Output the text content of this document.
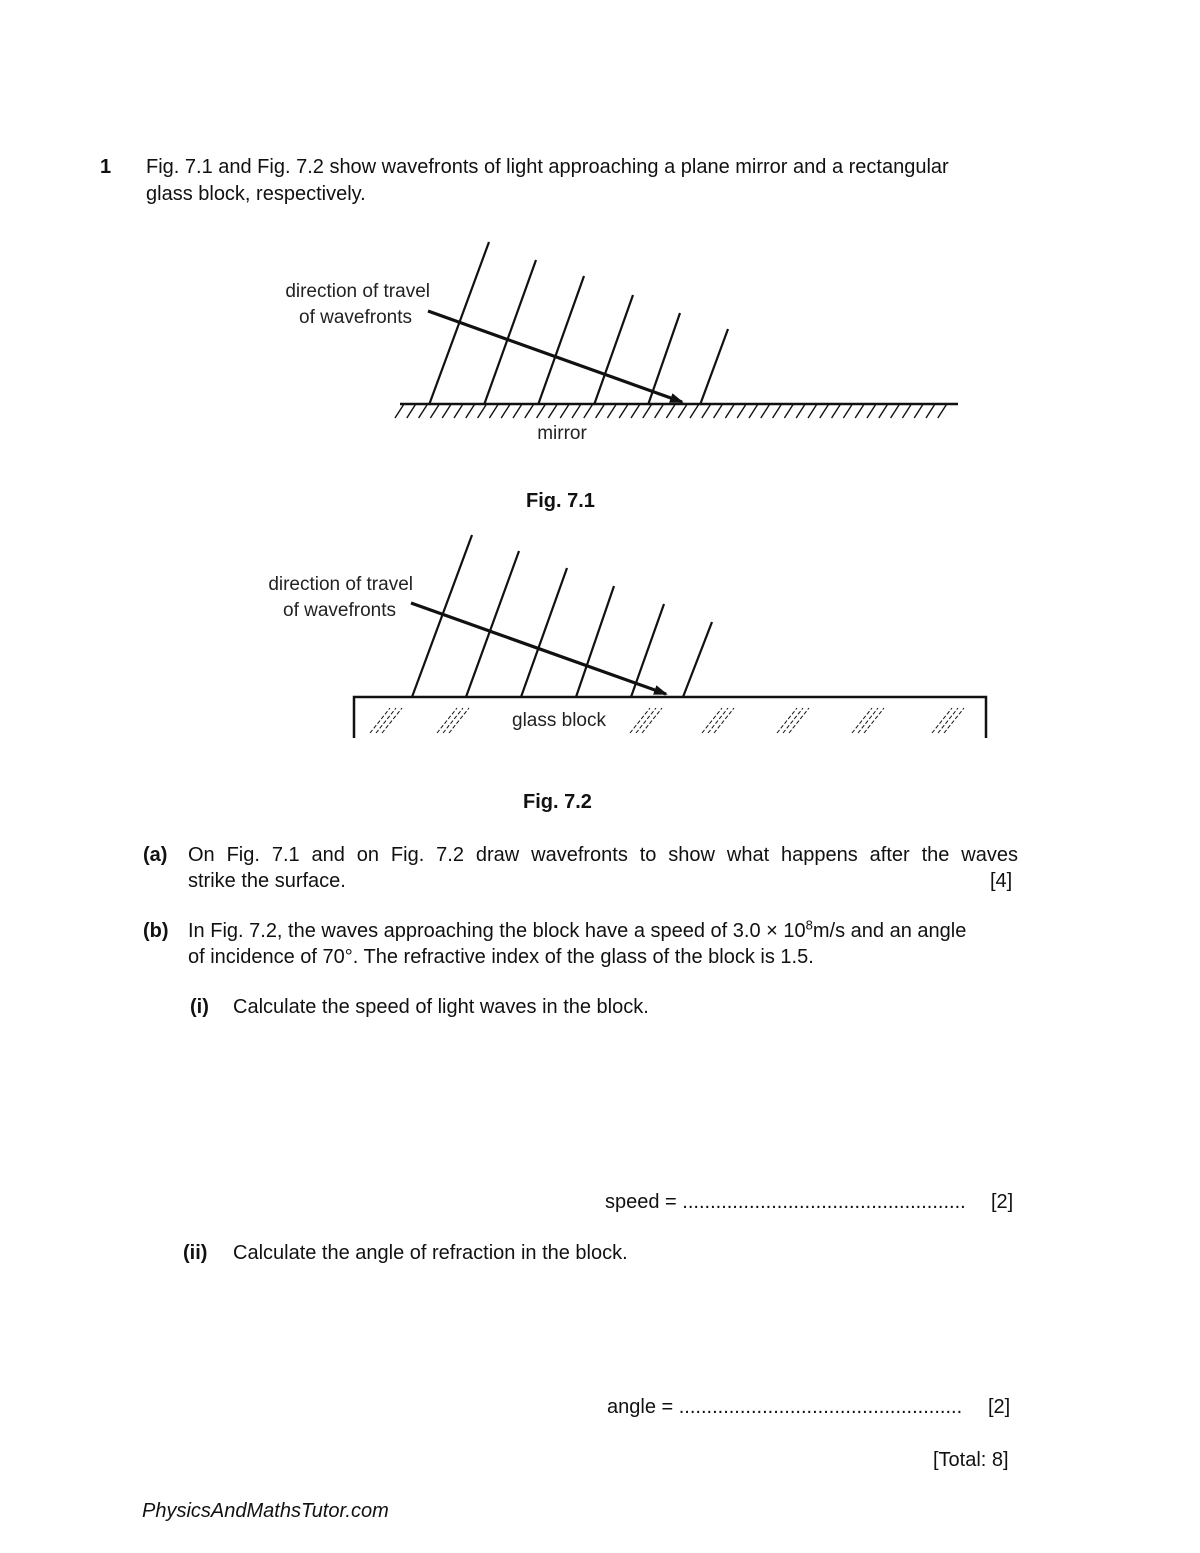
1 Fig. 7.1 and Fig. 7.2 show wavefronts of light approaching a plane mirror and a rectangular

glass block, respectively.

direction of travel
of wavefronts
mirror

Fig. 7.1

glass block
direction of travel
of wavefronts

Fig. 7.2

(a) On Fig. 7.1 and on Fig. 7.2 draw wavefronts to show what happens after the waves

strike the surface.	[4]

(b) In Fig. 7.2, the waves approaching the block have a speed of $3.0 \times 10^8m/s$ and an angle

of incidence of 70°. The refractive index of the glass of the block is 1.5.

(i) Calculate the speed of light waves in the block.

speed = ................................................... [2]

(ii) Calculate the angle of refraction in the block.

angle = ................................................... [2]

[Total: 8]

PhysicsAndMathsTutor.com
